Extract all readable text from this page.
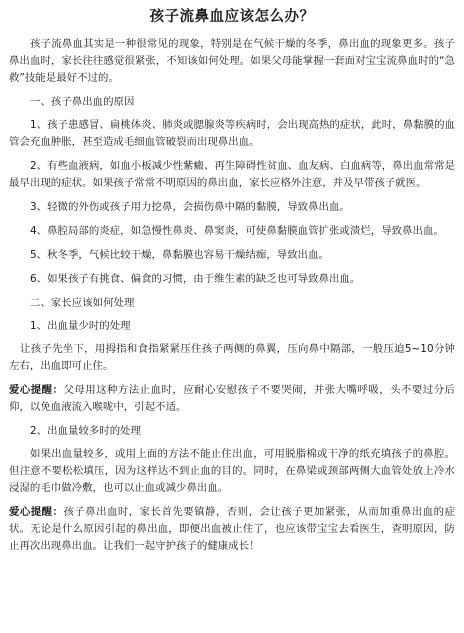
孩子流鼻血应该怎么办？

孩子流鼻血其实是一种很常见的现象，特别是在气候干燥的冬季，鼻出血的现象更多。孩子鼻出血时，家长往往感觉很紧张，不知该如何处理。如果父母能掌握一套面对宝宝流鼻血时的“急救”技能是最好不过的。

一、孩子鼻出血的原因

1、孩子患感冒、扁桃体炎、肺炎或腮腺炎等疾病时，会出现高热的症状，此时，鼻黏膜的血管会充血肿胀，甚至造成毛细血管破裂而出现鼻出血。

2、有些血液病，如血小板减少性紫癜、再生障碍性贫血、血友病、白血病等，鼻出血常常是最早出现的症状。如果孩子常常不明原因的鼻出血，家长应格外注意，并及早带孩子就医。

3、轻微的外伤或孩子用力挖鼻，会损伤鼻中隔的黏膜，导致鼻出血。

4、鼻腔局部的炎症，如急慢性鼻炎、鼻窦炎，可使鼻黏膜血管扩张或溃烂，导致鼻出血。

5、秋冬季，气候比较干燥，鼻黏膜也容易干燥结痂，导致出血。

6、如果孩子有挑食、偏食的习惯，由于维生素的缺乏也可导致鼻出血。

二、家长应该如何处理

1、出血量少时的处理

让孩子先坐下，用拇指和食指紧紧压住孩子两侧的鼻翼，压向鼻中隔部，一般压迫5~10分钟左右，出血即可止住。

爱心提醒：父母用这种方法止血时，应耐心安慰孩子不要哭闹，并张大嘴呼吸，头不要过分后仰，以免血液流入喉咙中，引起不适。

2、出血量较多时的处理

如果出血量较多，或用上面的方法不能止住出血，可用脱脂棉或干净的纸充填孩子的鼻腔。但注意不要松松填压，因为这样达不到止血的目的。同时，在鼻梁或颈部两侧大血管处放上冷水浸湿的毛巾做冷敷，也可以止血或减少鼻出血。

爱心提醒：孩子鼻出血时，家长首先要镇静，否则，会让孩子更加紧张，从而加重鼻出血的症状。无论是什么原因引起的鼻出血，即便出血被止住了，也应该带宝宝去看医生，查明原因，防止再次出现鼻出血。让我们一起守护孩子的健康成长！
